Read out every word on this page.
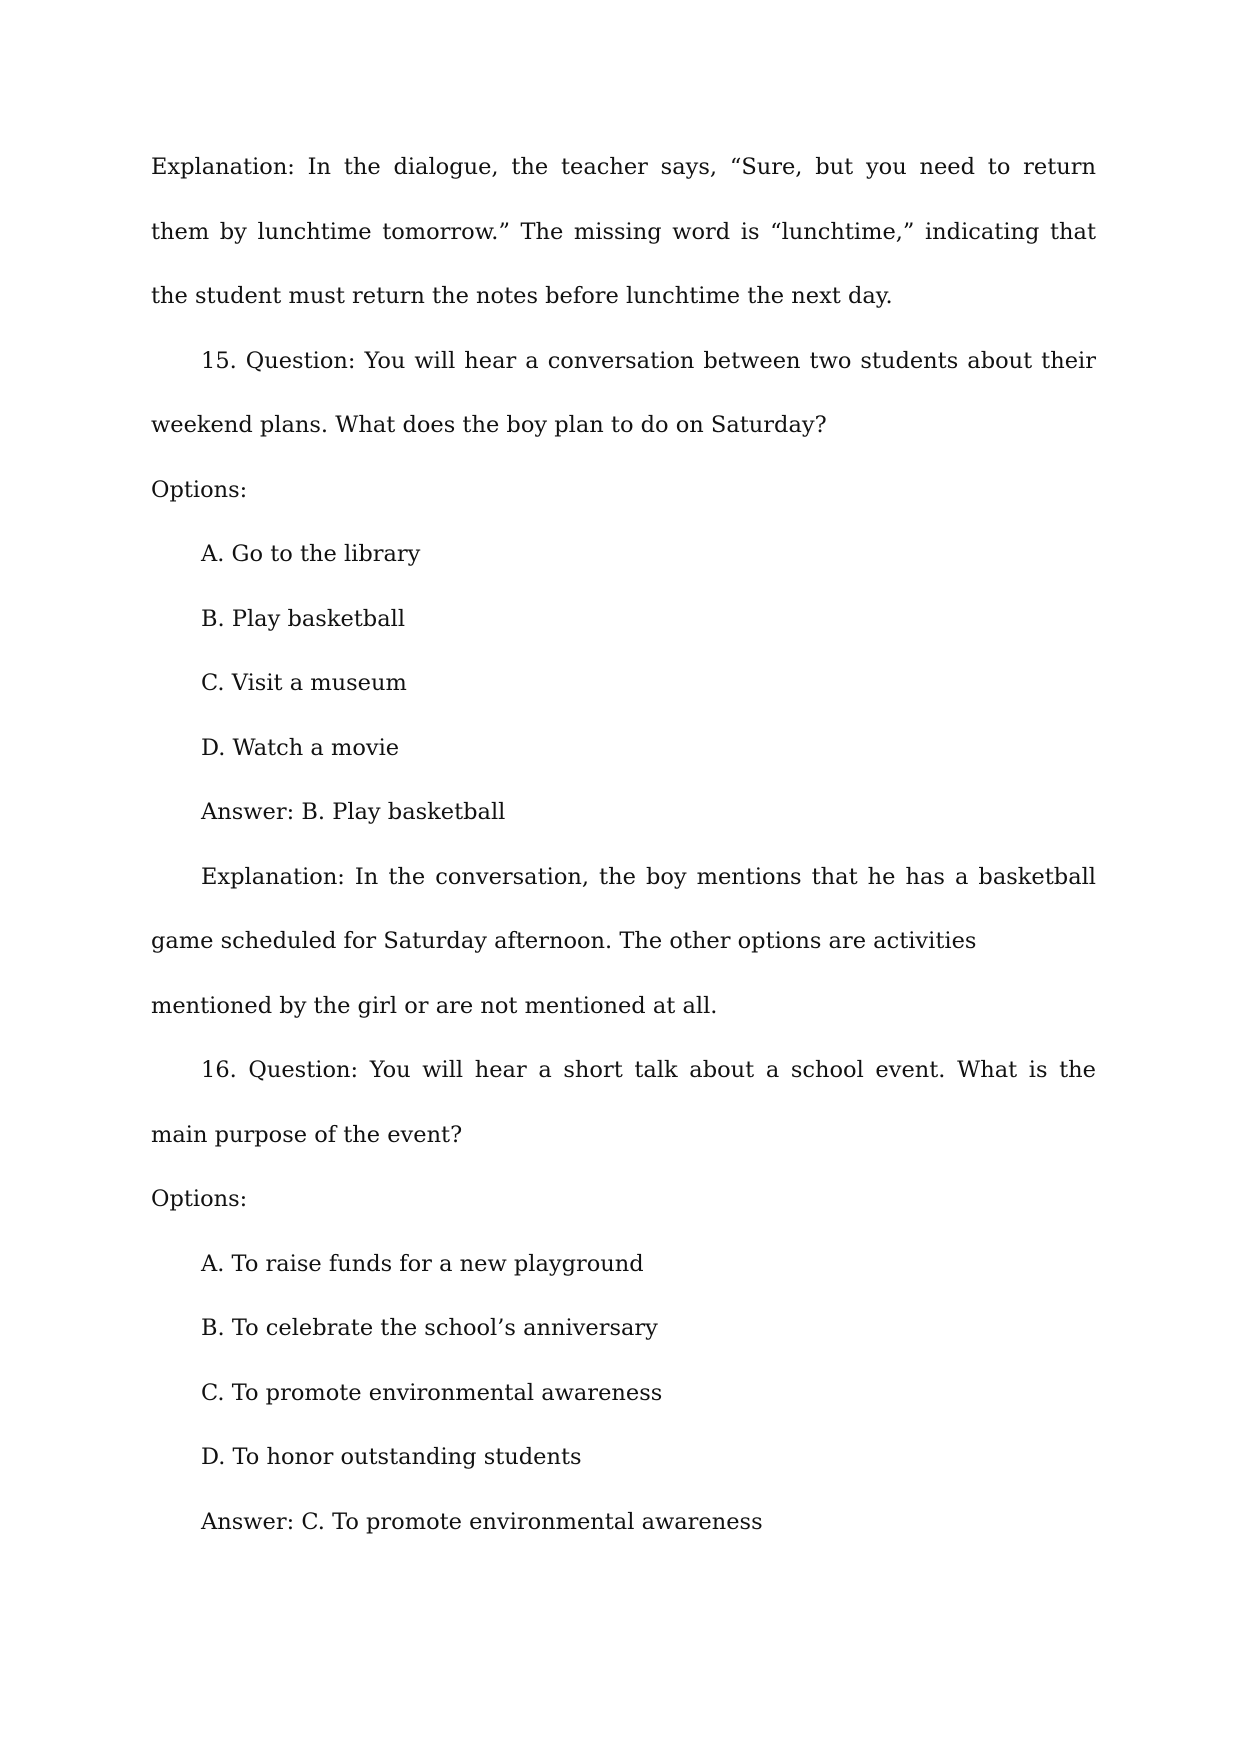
Explanation: In the dialogue, the teacher says, “Sure, but you need to return

them by lunchtime tomorrow.” The missing word is “lunchtime,” indicating that

the student must return the notes before lunchtime the next day.

15. Question: You will hear a conversation between two students about their

weekend plans. What does the boy plan to do on Saturday?

Options:

A. Go to the library

B. Play basketball

C. Visit a museum

D. Watch a movie

Answer: B. Play basketball

Explanation: In the conversation, the boy mentions that he has a basketball

game scheduled for Saturday afternoon. The other options are activities

mentioned by the girl or are not mentioned at all.

16. Question: You will hear a short talk about a school event. What is the

main purpose of the event?

Options:

A. To raise funds for a new playground

B. To celebrate the school’s anniversary

C. To promote environmental awareness

D. To honor outstanding students

Answer: C. To promote environmental awareness
